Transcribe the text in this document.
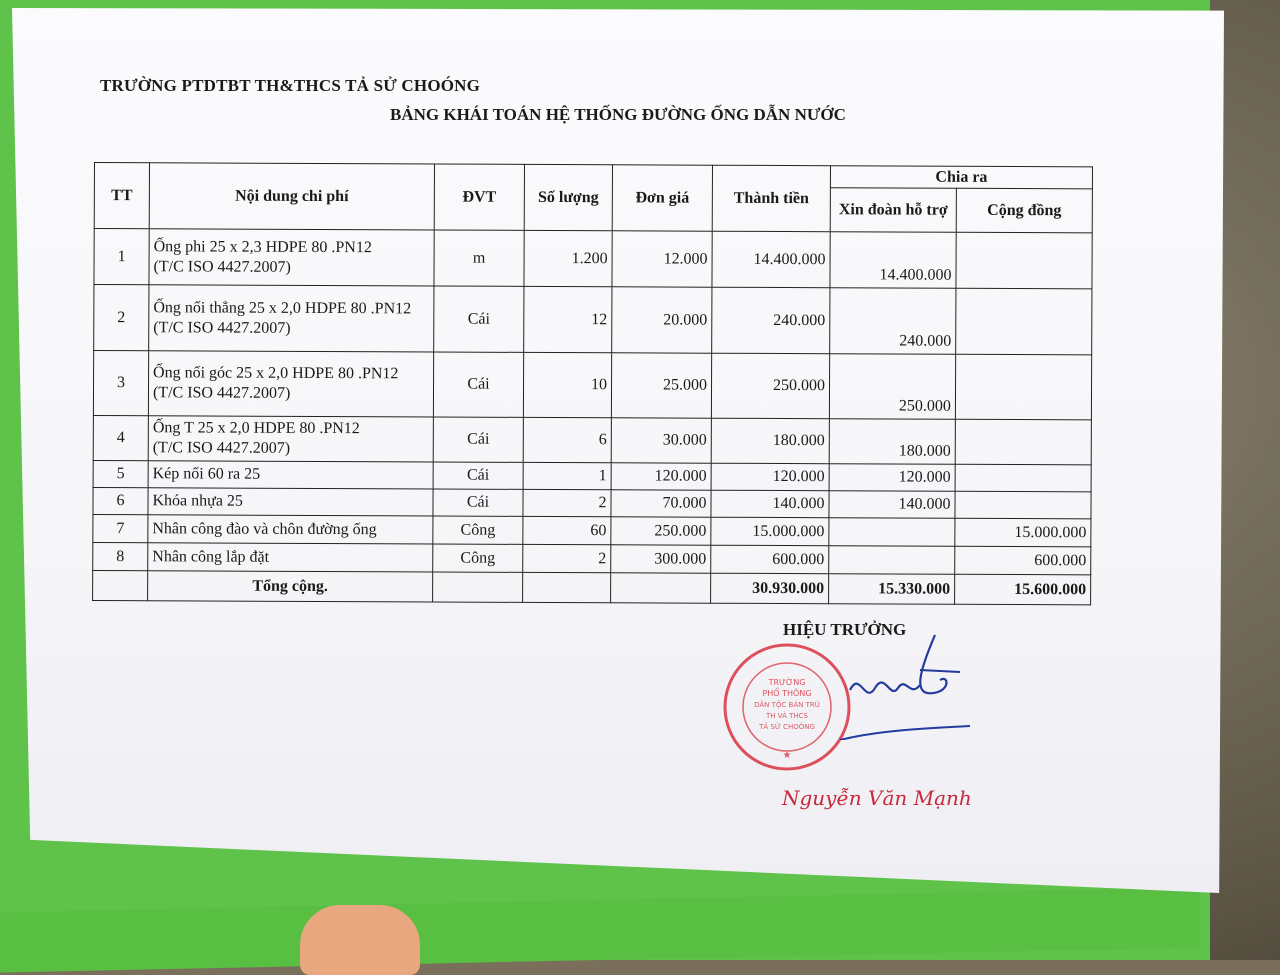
TRƯỜNG PTDTBT TH&THCS TẢ SỬ CHOÓNG
BẢNG KHÁI TOÁN HỆ THỐNG ĐƯỜNG ỐNG DẪN NƯỚC
TT	Nội dung chi phí	ĐVT	Số lượng	Đơn giá	Thành tiền	Chia ra	
						Xin đoàn hỗ trợ	Cộng đồng
1	Ống phi 25 x 2,3 HDPE 80 .PN12
(T/C ISO 4427.2007)	m	1.200	12.000	14.400.000	14.400.000	
2	Ống nối thẳng 25 x 2,0 HDPE 80 .PN12
(T/C ISO 4427.2007)	Cái	12	20.000	240.000	240.000	
3	Ống nối góc 25 x 2,0 HDPE 80 .PN12
(T/C ISO 4427.2007)	Cái	10	25.000	250.000	250.000	
4	Ống T 25 x 2,0 HDPE 80 .PN12
(T/C ISO 4427.2007)	Cái	6	30.000	180.000	180.000	
5	Kép nối 60 ra 25	Cái	1	120.000	120.000	120.000	
6	Khóa nhựa 25	Cái	2	70.000	140.000	140.000	
7	Nhân công đào và chôn đường ống	Công	60	250.000	15.000.000		15.000.000
8	Nhân công lắp đặt	Công	2	300.000	600.000		600.000
	Tổng cộng.				30.930.000	15.330.000	15.600.000
HIỆU TRƯỞNG
TRƯỜNG
PHỔ THÔNG
DÂN TỘC BÁN TRÚ
TH VÀ THCS
TẢ SỬ CHOÓNG
★
Nguyễn Văn Mạnh
